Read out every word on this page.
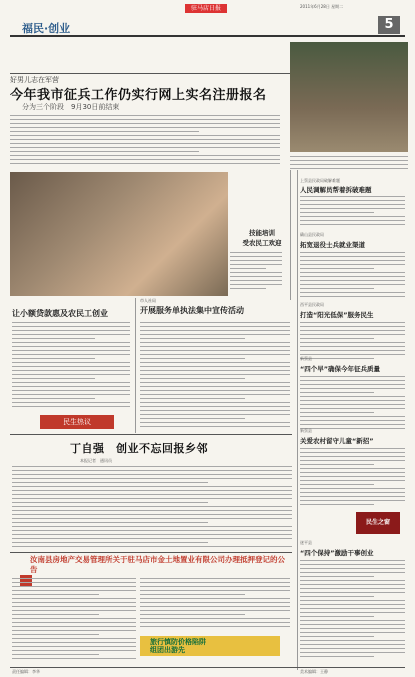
驻马店日报	2011年6月28日 星期二
福民·创业	5
好男儿志在军营
今年我市征兵工作仍实行网上实名注册报名
分为三个阶段　9月30日前结束
技能培训
受农民工欢迎
让小额贷款惠及农民工创业
民生热议
市人社局
开展服务单执法集中宣传活动
丁自强　创业不忘回报乡邻
本报记者　通讯员
汝南县房地产交易管理所关于驻马店市金土地置业有限公司办理抵押登记的公告
旅行慎防价格陷阱
组团出游先
上蔡县民政局破解难题
人民调解员帮着拆破难题
确山县民政局
拓宽退役士兵就业渠道
西平县民政局
打造“阳光低保”服务民生
新蔡县
“四个早”确保今年征兵质量
新蔡县
关爱农村留守儿童“新招”
民生之窗
遂平县
“四个保持”激励干事创业
责任编辑：李华	美术编辑：王静
